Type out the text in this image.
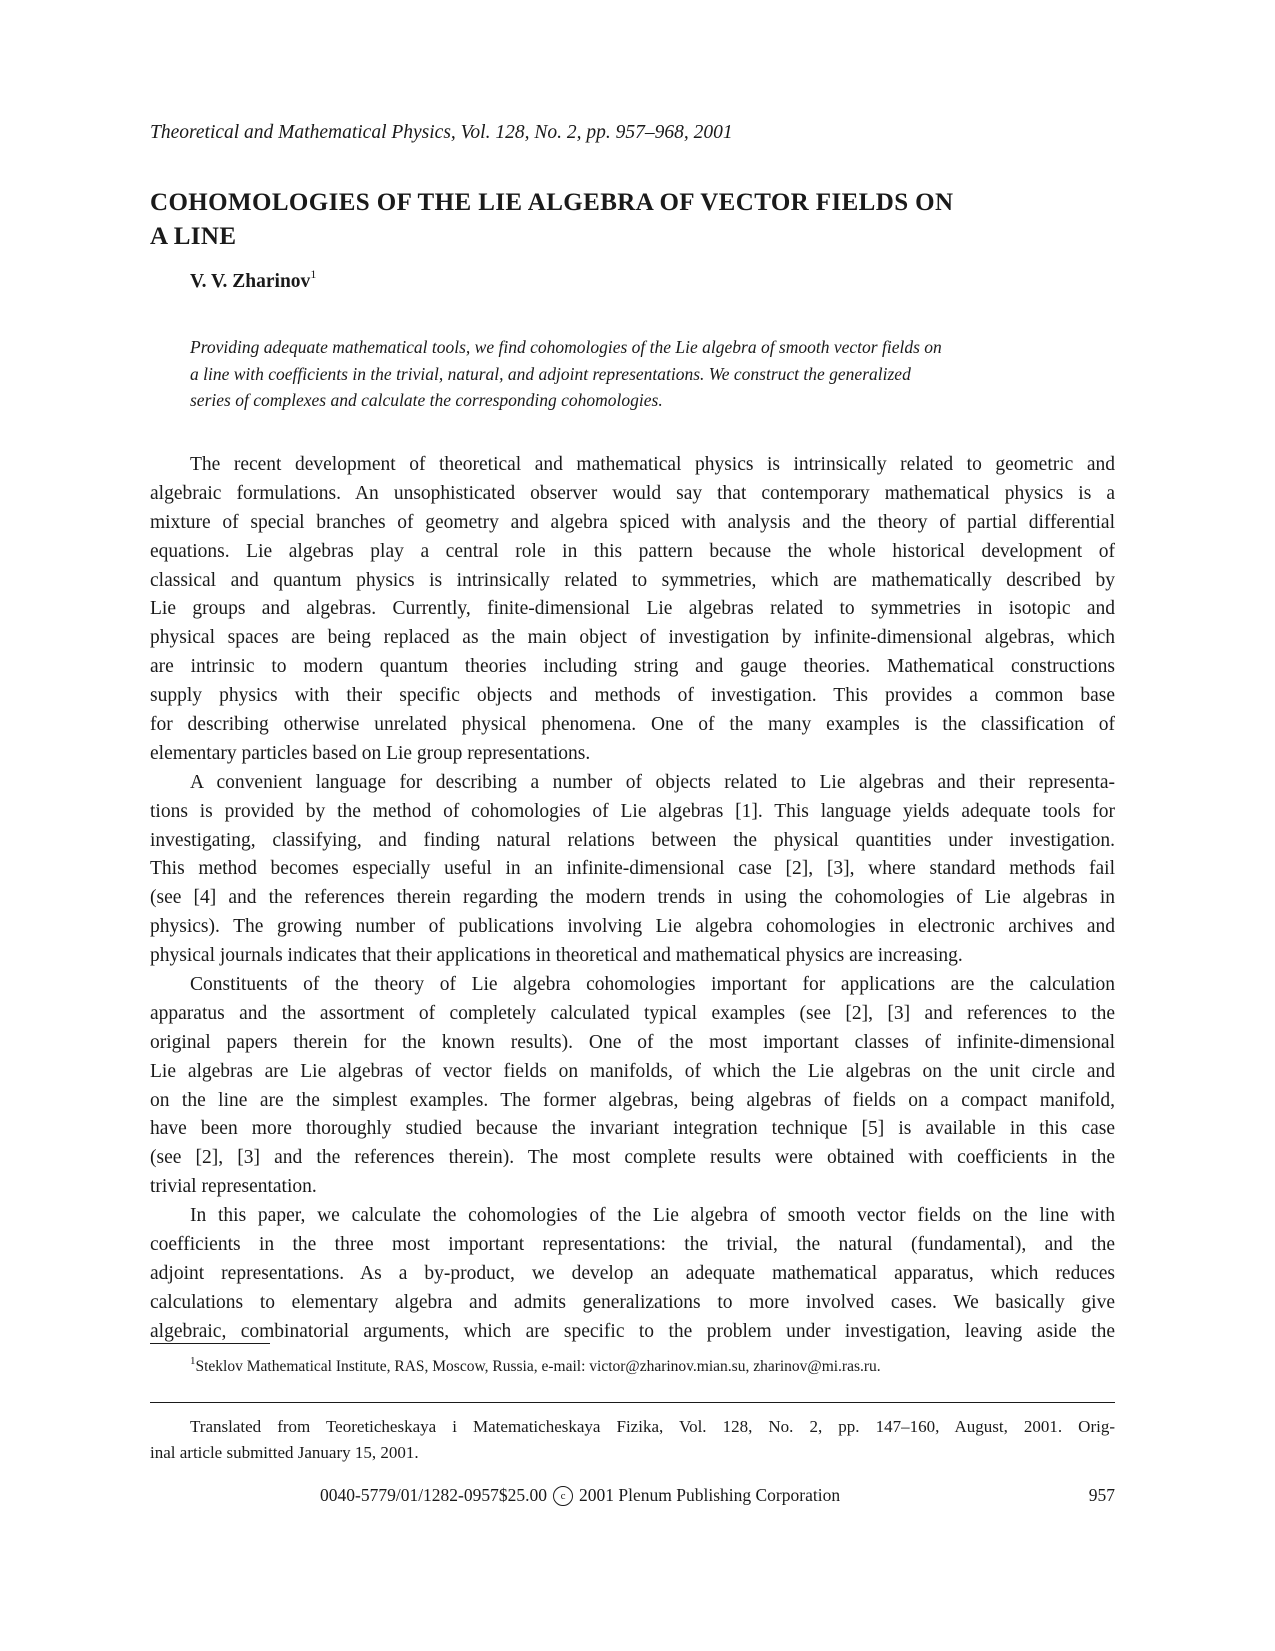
Theoretical and Mathematical Physics, Vol. 128, No. 2, pp. 957–968, 2001
COHOMOLOGIES OF THE LIE ALGEBRA OF VECTOR FIELDS ON
A LINE
V. V. Zharinov$^1$
Providing adequate mathematical tools, we find cohomologies of the Lie algebra of smooth vector fields on
a line with coefficients in the trivial, natural, and adjoint representations. We construct the generalized
series of complexes and calculate the corresponding cohomologies.
The recent development of theoretical and mathematical physics is intrinsically related to geometric and
algebraic formulations. An unsophisticated observer would say that contemporary mathematical physics is a
mixture of special branches of geometry and algebra spiced with analysis and the theory of partial differential
equations. Lie algebras play a central role in this pattern because the whole historical development of
classical and quantum physics is intrinsically related to symmetries, which are mathematically described by
Lie groups and algebras. Currently, finite-dimensional Lie algebras related to symmetries in isotopic and
physical spaces are being replaced as the main object of investigation by infinite-dimensional algebras, which
are intrinsic to modern quantum theories including string and gauge theories. Mathematical constructions
supply physics with their specific objects and methods of investigation. This provides a common base
for describing otherwise unrelated physical phenomena. One of the many examples is the classification of
elementary particles based on Lie group representations.
A convenient language for describing a number of objects related to Lie algebras and their representa-
tions is provided by the method of cohomologies of Lie algebras [1]. This language yields adequate tools for
investigating, classifying, and finding natural relations between the physical quantities under investigation.
This method becomes especially useful in an infinite-dimensional case [2], [3], where standard methods fail
(see [4] and the references therein regarding the modern trends in using the cohomologies of Lie algebras in
physics). The growing number of publications involving Lie algebra cohomologies in electronic archives and
physical journals indicates that their applications in theoretical and mathematical physics are increasing.
Constituents of the theory of Lie algebra cohomologies important for applications are the calculation
apparatus and the assortment of completely calculated typical examples (see [2], [3] and references to the
original papers therein for the known results). One of the most important classes of infinite-dimensional
Lie algebras are Lie algebras of vector fields on manifolds, of which the Lie algebras on the unit circle and
on the line are the simplest examples. The former algebras, being algebras of fields on a compact manifold,
have been more thoroughly studied because the invariant integration technique [5] is available in this case
(see [2], [3] and the references therein). The most complete results were obtained with coefficients in the
trivial representation.
In this paper, we calculate the cohomologies of the Lie algebra of smooth vector fields on the line with
coefficients in the three most important representations: the trivial, the natural (fundamental), and the
adjoint representations. As a by-product, we develop an adequate mathematical apparatus, which reduces
calculations to elementary algebra and admits generalizations to more involved cases. We basically give
algebraic, combinatorial arguments, which are specific to the problem under investigation, leaving aside the
$^1$Steklov Mathematical Institute, RAS, Moscow, Russia, e-mail: victor@zharinov.mian.su, zharinov@mi.ras.ru.
Translated from Teoreticheskaya i Matematicheskaya Fizika, Vol. 128, No. 2, pp. 147–160, August, 2001. Orig-
inal article submitted January 15, 2001.
0040-5779/01/1282-0957$25.00 c 2001 Plenum Publishing Corporation	957
